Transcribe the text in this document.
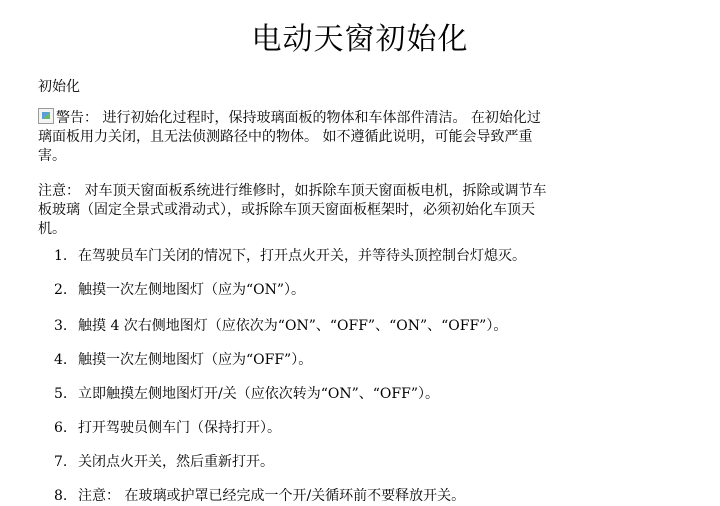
电动天窗初始化
初始化
警告： 进行初始化过程时，保持玻璃面板的物体和车体部件清洁。 在初始化过
璃面板用力关闭，且无法侦测路径中的物体。 如不遵循此说明，可能会导致严重
害。
注意： 对车顶天窗面板系统进行维修时，如拆除车顶天窗面板电机，拆除或调节车
板玻璃（固定全景式或滑动式），或拆除车顶天窗面板框架时，必须初始化车顶天
机。
1. 在驾驶员车门关闭的情况下，打开点火开关，并等待头顶控制台灯熄灭。
2. 触摸一次左侧地图灯（应为“ON”）。
3. 触摸 4 次右侧地图灯（应依次为“ON”、“OFF”、“ON”、“OFF”）。
4. 触摸一次左侧地图灯（应为“OFF”）。
5. 立即触摸左侧地图灯开/关（应依次转为“ON”、“OFF”）。
6. 打开驾驶员侧车门（保持打开）。
7. 关闭点火开关，然后重新打开。
8. 注意： 在玻璃或护罩已经完成一个开/关循环前不要释放开关。
